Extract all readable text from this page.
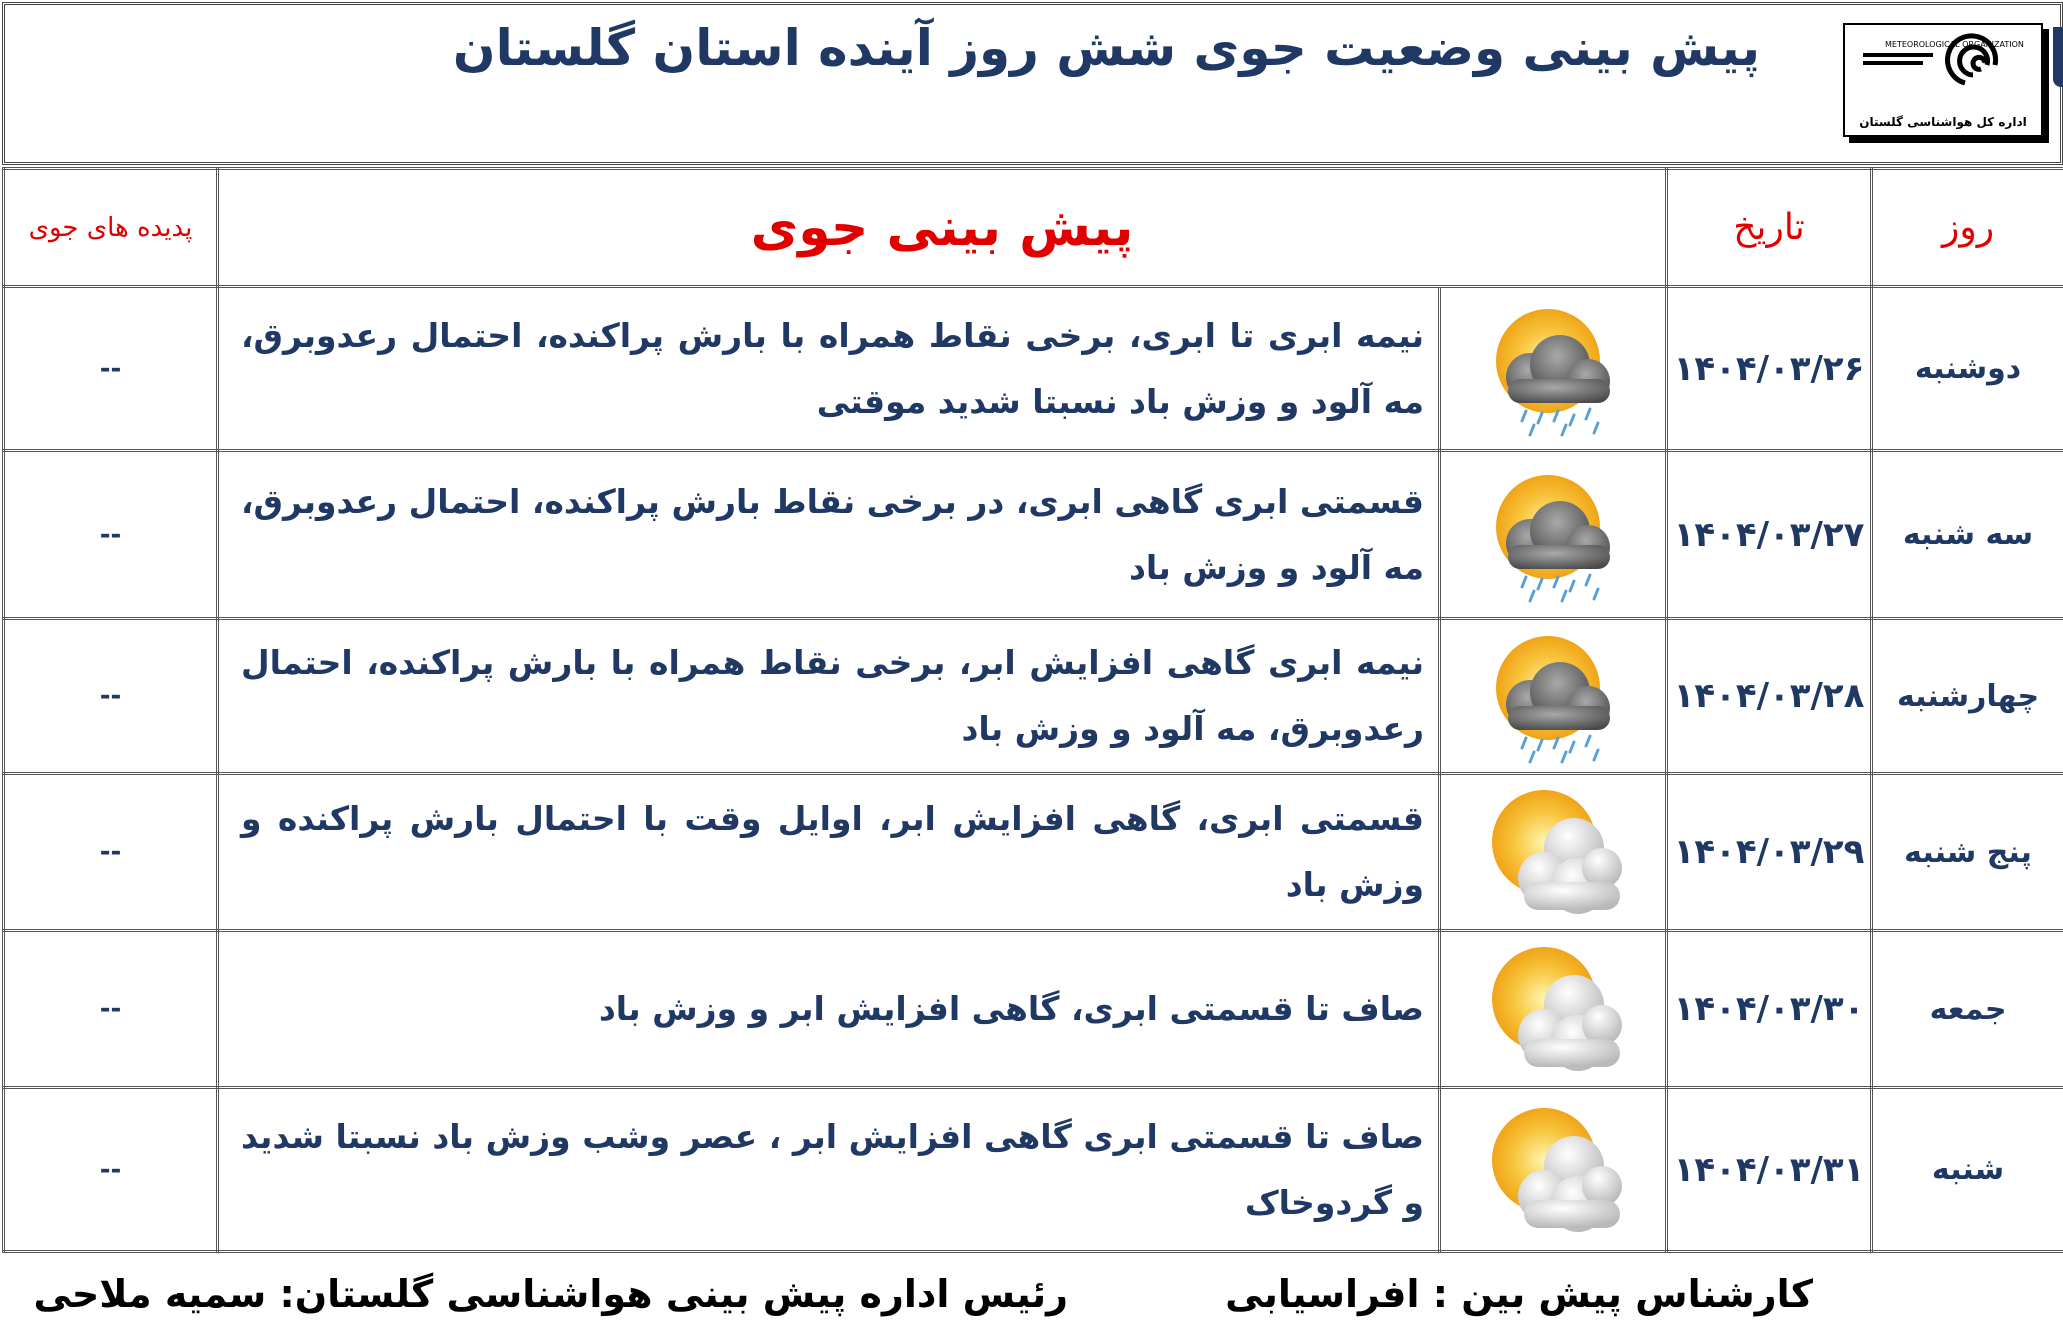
پیش بینی وضعیت جوی شش روز آینده استان گلستان	METEOROLOGICAL ORGANIZATION
اداره کل هواشناسی گلستان
روز	تاریخ	پیش بینی جوی		پدیده های جوی
دوشنبه	۱۴۰۴/۰۳/۲۶		نیمه ابری تا ابری، برخی نقاط همراه با بارش پراکنده، احتمال رعدوبرق، مه آلود و وزش باد نسبتا شدید موقتی	--
سه شنبه	۱۴۰۴/۰۳/۲۷		قسمتی ابری گاهی ابری، در برخی نقاط بارش پراکنده، احتمال رعدوبرق، مه آلود و وزش باد	--
چهارشنبه	۱۴۰۴/۰۳/۲۸		نیمه ابری گاهی افزایش ابر، برخی نقاط همراه با بارش پراکنده، احتمال رعدوبرق، مه آلود و وزش باد	--
پنج شنبه	۱۴۰۴/۰۳/۲۹		قسمتی ابری، گاهی افزایش ابر، اوایل وقت با احتمال بارش پراکنده و وزش باد	--
جمعه	۱۴۰۴/۰۳/۳۰		صاف تا قسمتی ابری، گاهی افزایش ابر و وزش باد	--
شنبه	۱۴۰۴/۰۳/۳۱		صاف تا قسمتی ابری گاهی افزایش ابر ، عصر وشب وزش باد نسبتا شدید و گردوخاک	--
کارشناس پیش بین : افراسیابی
رئیس اداره پیش بینی هواشناسی گلستان: سمیه ملاحی
